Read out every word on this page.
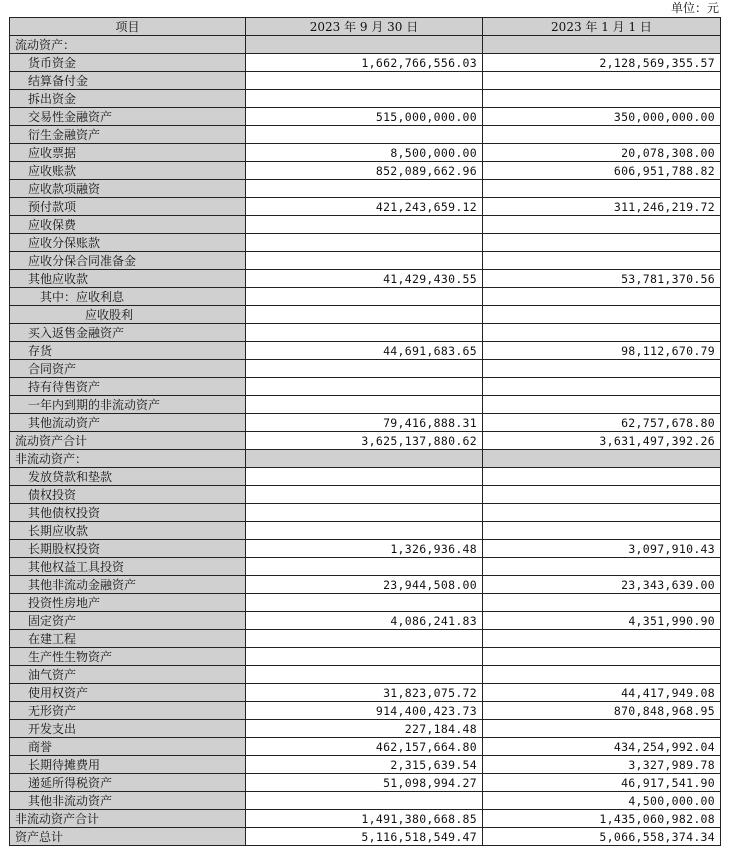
单位：元
项目	2023 年 9 月 30 日	2023 年 1 月 1 日
流动资产：		
货币资金	1,662,766,556.03	2,128,569,355.57
结算备付金		
拆出资金		
交易性金融资产	515,000,000.00	350,000,000.00
衍生金融资产		
应收票据	8,500,000.00	20,078,308.00
应收账款	852,089,662.96	606,951,788.82
应收款项融资		
预付款项	421,243,659.12	311,246,219.72
应收保费		
应收分保账款		
应收分保合同准备金		
其他应收款	41,429,430.55	53,781,370.56
其中：应收利息		
应收股利		
买入返售金融资产		
存货	44,691,683.65	98,112,670.79
合同资产		
持有待售资产		
一年内到期的非流动资产		
其他流动资产	79,416,888.31	62,757,678.80
流动资产合计	3,625,137,880.62	3,631,497,392.26
非流动资产：		
发放贷款和垫款		
债权投资		
其他债权投资		
长期应收款		
长期股权投资	1,326,936.48	3,097,910.43
其他权益工具投资		
其他非流动金融资产	23,944,508.00	23,343,639.00
投资性房地产		
固定资产	4,086,241.83	4,351,990.90
在建工程		
生产性生物资产		
油气资产		
使用权资产	31,823,075.72	44,417,949.08
无形资产	914,400,423.73	870,848,968.95
开发支出	227,184.48	
商誉	462,157,664.80	434,254,992.04
长期待摊费用	2,315,639.54	3,327,989.78
递延所得税资产	51,098,994.27	46,917,541.90
其他非流动资产		4,500,000.00
非流动资产合计	1,491,380,668.85	1,435,060,982.08
资产总计	5,116,518,549.47	5,066,558,374.34
